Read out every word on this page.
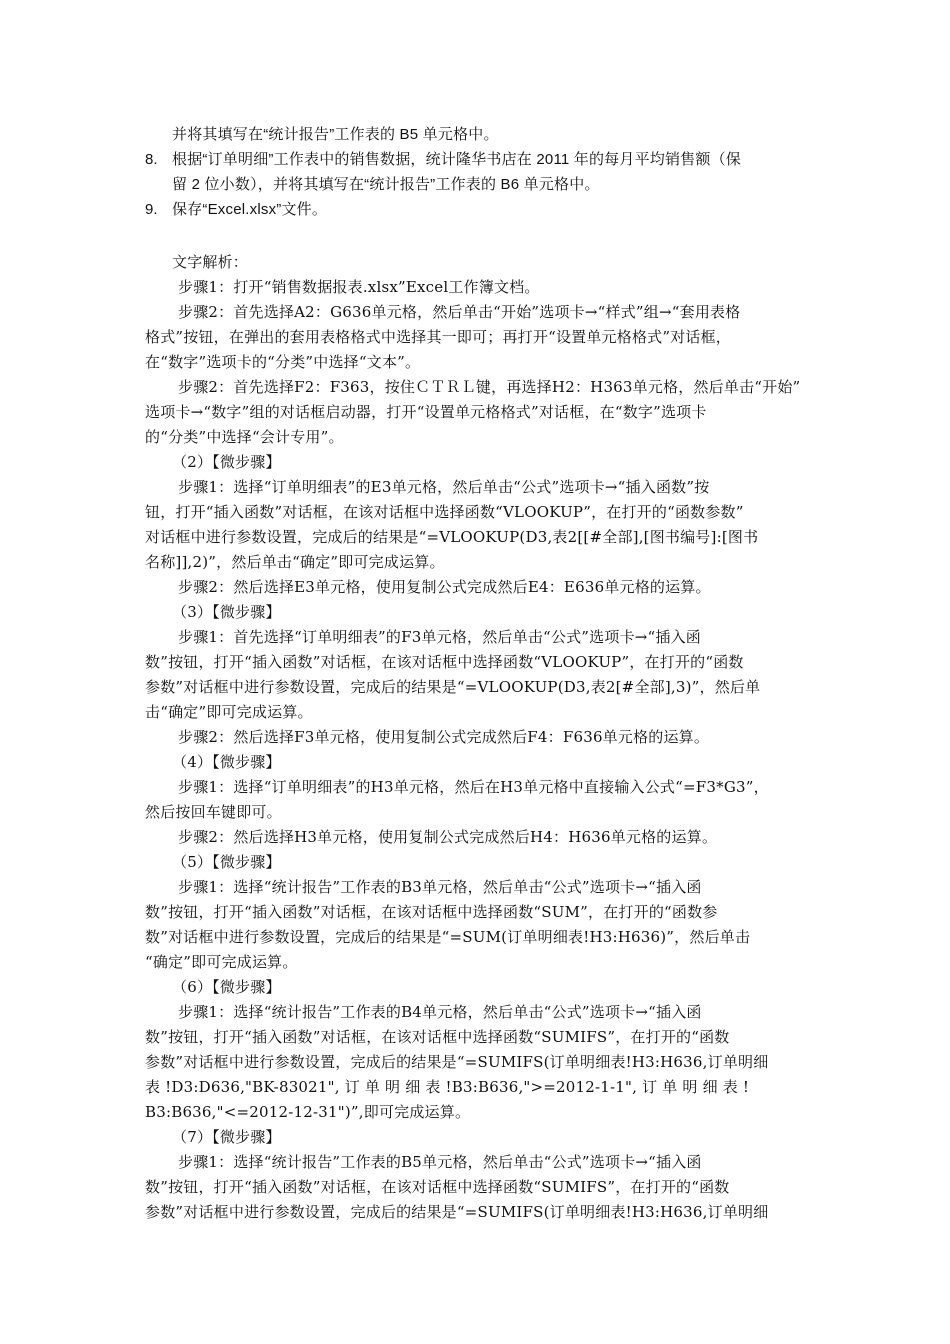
并将其填写在“统计报告”工作表的 B5 单元格中。
8. 根据“订单明细”工作表中的销售数据，统计隆华书店在 2011 年的每月平均销售额（保
留 2 位小数），并将其填写在“统计报告”工作表的 B6 单元格中。
9. 保存“Excel.xlsx”文件。
文字解析：
步骤1：打开“销售数据报表.xlsx”Excel工作簿文档。
步骤2：首先选择A2：G636单元格，然后单击“开始”选项卡→“样式”组→“套用表格
格式”按钮，在弹出的套用表格格式中选择其一即可；再打开“设置单元格格式”对话框，
在“数字”选项卡的“分类”中选择“文本”。
步骤2：首先选择F2：F363，按住ＣＴＲＬ键，再选择H2：H363单元格，然后单击“开始”
选项卡→“数字”组的对话框启动器，打开“设置单元格格式”对话框，在“数字”选项卡
的“分类”中选择“会计专用”。
（2）【微步骤】
步骤1：选择“订单明细表”的E3单元格，然后单击“公式”选项卡→“插入函数”按
钮，打开“插入函数”对话框，在该对话框中选择函数“VLOOKUP”，在打开的“函数参数”
对话框中进行参数设置，完成后的结果是“=VLOOKUP(D3,表2[[#全部],[图书编号]:[图书
名称]],2)”，然后单击“确定”即可完成运算。
步骤2：然后选择E3单元格，使用复制公式完成然后E4：E636单元格的运算。
（3）【微步骤】
步骤1：首先选择“订单明细表”的F3单元格，然后单击“公式”选项卡→“插入函
数”按钮，打开“插入函数”对话框，在该对话框中选择函数“VLOOKUP”，在打开的“函数
参数”对话框中进行参数设置，完成后的结果是“=VLOOKUP(D3,表2[#全部],3)”，然后单
击“确定”即可完成运算。
步骤2：然后选择F3单元格，使用复制公式完成然后F4：F636单元格的运算。
（4）【微步骤】
步骤1：选择“订单明细表”的H3单元格，然后在H3单元格中直接输入公式“=F3*G3”，
然后按回车键即可。
步骤2：然后选择H3单元格，使用复制公式完成然后H4：H636单元格的运算。
（5）【微步骤】
步骤1：选择“统计报告”工作表的B3单元格，然后单击“公式”选项卡→“插入函
数”按钮，打开“插入函数”对话框，在该对话框中选择函数“SUM”，在打开的“函数参
数”对话框中进行参数设置，完成后的结果是“=SUM(订单明细表!H3:H636)”，然后单击
“确定”即可完成运算。
（6）【微步骤】
步骤1：选择“统计报告”工作表的B4单元格，然后单击“公式”选项卡→“插入函
数”按钮，打开“插入函数”对话框，在该对话框中选择函数“SUMIFS”，在打开的“函数
参数”对话框中进行参数设置，完成后的结果是“=SUMIFS(订单明细表!H3:H636,订单明细
表 !D3:D636,"BK-83021", 订 单 明 细 表 !B3:B636,">=2012-1-1", 订 单 明 细 表 !
B3:B636,"<=2012-12-31")”,即可完成运算。
（7）【微步骤】
步骤1：选择“统计报告”工作表的B5单元格，然后单击“公式”选项卡→“插入函
数”按钮，打开“插入函数”对话框，在该对话框中选择函数“SUMIFS”，在打开的“函数
参数”对话框中进行参数设置，完成后的结果是“=SUMIFS(订单明细表!H3:H636,订单明细
